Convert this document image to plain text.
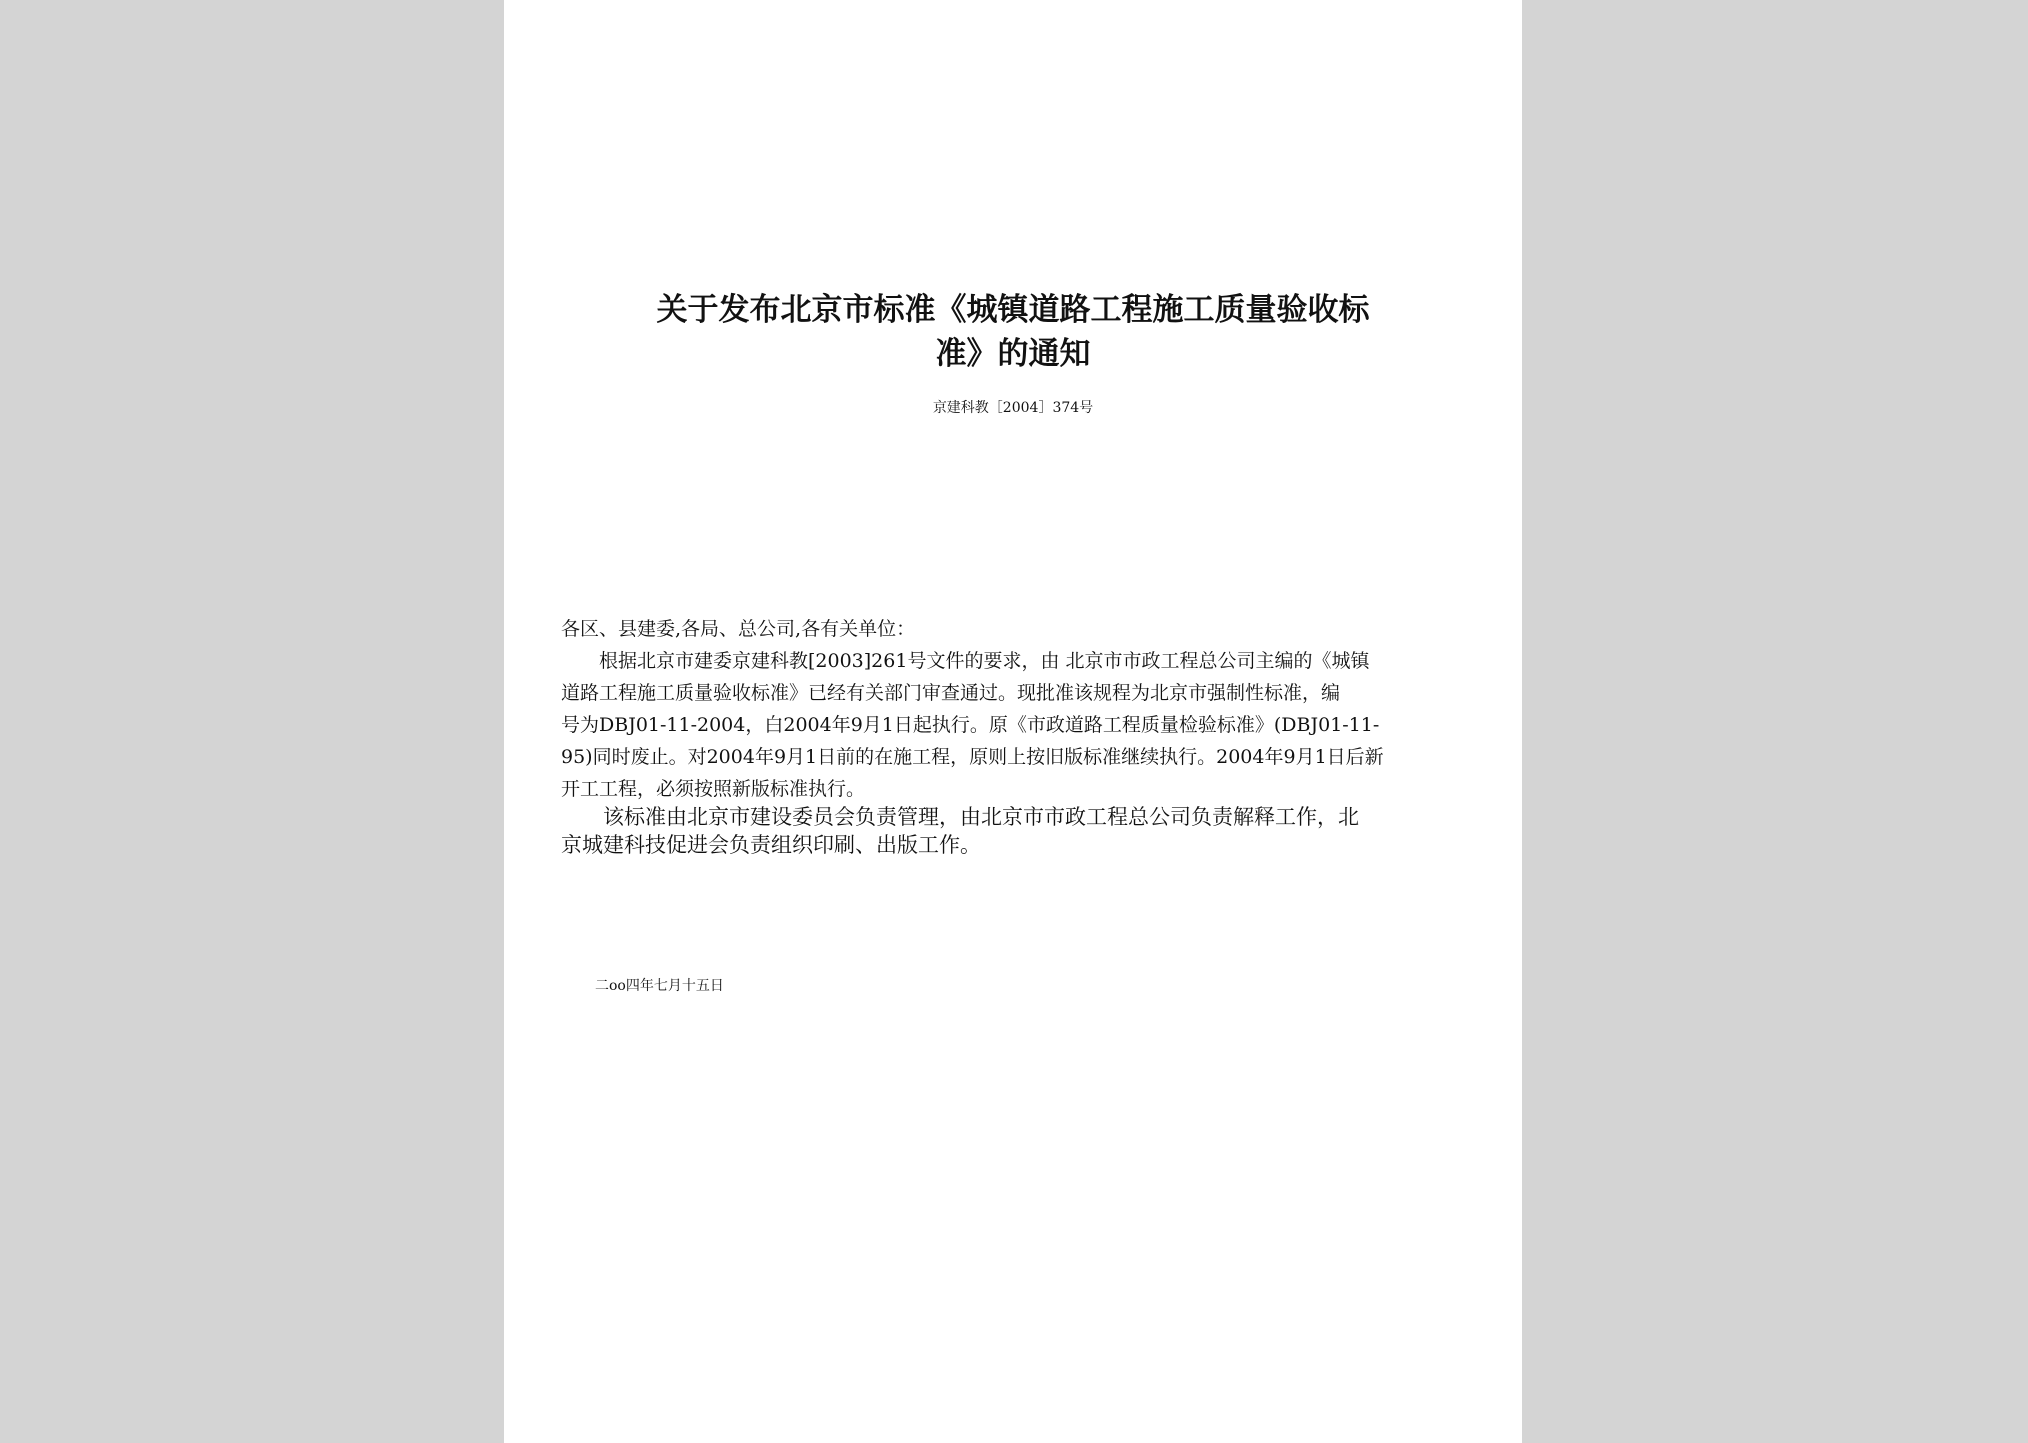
关于发布北京市标准《城镇道路工程施工质量验收标
准》的通知
京建科教［2004］374号
各区、县建委,各局、总公司,各有关单位：
　　根据北京市建委京建科教[2003]261号文件的要求，由 北京市市政工程总公司主编的《城镇
道路工程施工质量验收标准》已经有关部门审查通过。现批准该规程为北京市强制性标准，编
号为DBJ01-11-2004，白2004年9月1日起执行。原《市政道路工程质量检验标准》(DBJ01-11-
95)同时废止。对2004年9月1日前的在施工程，原则上按旧版标准继续执行。2004年9月1日后新
开工工程，必须按照新版标准执行。
　　该标准由北京市建设委员会负责管理，由北京市市政工程总公司负责解释工作，北
京城建科技促进会负责组织印刷、出版工作。
二oo四年七月十五日
